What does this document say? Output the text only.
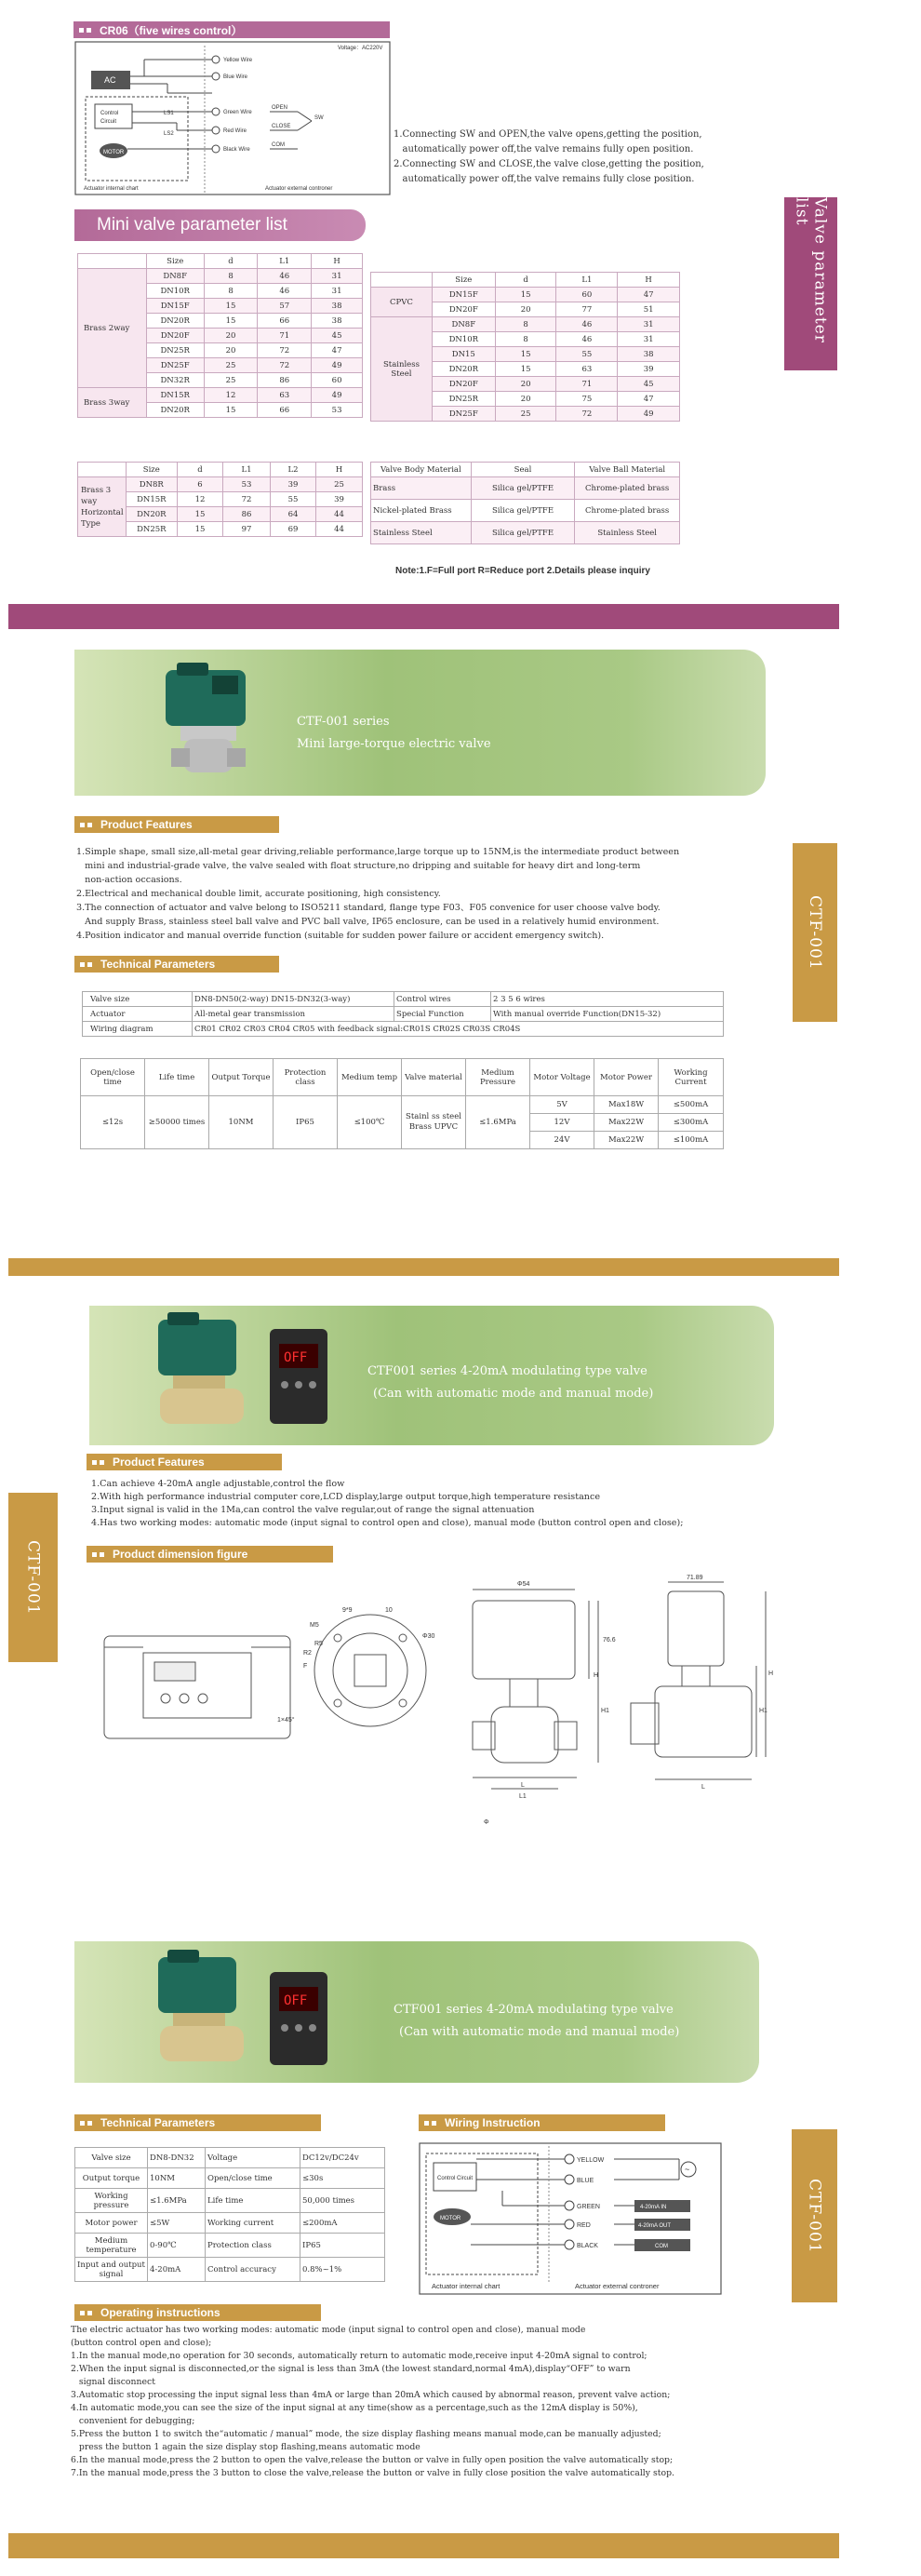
CR06（five wires control）
Voltage：AC220V
AC
Control
Circuit
MOTOR
LS1
LS2
Yellow Wire
Blue Wire
Green Wire
Red Wire
Black Wire
OPEN
CLOSE
COM
SW
Actuator internal chart	Actuator external controner

1.Connecting SW and OPEN,the valve opens,getting the position,

automatically power off,the valve remains fully open position.

2.Connecting SW and CLOSE,the valve close,getting the position,

automatically power off,the valve remains fully close position.

Mini valve parameter list	Valve parameter list
	Size	d	L1	H
Brass 2way	DN8F	8	46	31
	DN10R	8	46	31
	DN15F	15	57	38
	DN20R	15	66	38
	DN20F	20	71	45
	DN25R	20	72	47
	DN25F	25	72	49
	DN32R	25	86	60
Brass 3way	DN15R	12	63	49
	DN20R	15	66	53
	Size	d	L1	H
CPVC	DN15F	15	60	47
	DN20F	20	77	51
Stainless Steel	DN8F	8	46	31
	DN10R	8	46	31
	DN15	15	55	38
	DN20R	15	63	39
	DN20F	20	71	45
	DN25R	20	75	47
	DN25F	25	72	49
	Size	d	L1	L2	H
Brass 3 way Horizontal Type	DN8R	6	53	39	25
	DN15R	12	72	55	39
	DN20R	15	86	64	44
	DN25R	15	97	69	44
Valve Body Material	Seal	Valve Ball Material
Brass	Silica gel/PTFE	Chrome-plated brass
Nickel-plated Brass	Silica gel/PTFE	Chrome-plated brass
Stainless Steel	Silica gel/PTFE	Stainless Steel
Note:1.F=Full port R=Reduce port 2.Details please inquiry
CTF-001 series
Mini large-torque electric valve
CTF-001
Product Features

1.Simple shape, small size,all-metal gear driving,reliable performance,large torque up to 15NM,is the intermediate product between

mini and industrial-grade valve, the valve sealed with float structure,no dripping and suitable for heavy dirt and long-term

non-action occasions.

2.Electrical and mechanical double limit, accurate positioning, high consistency.

3.The connection of actuator and valve belong to ISO5211 standard, flange type F03、F05 convenice for user choose valve body.

And supply Brass, stainless steel ball valve and PVC ball valve, IP65 enclosure, can be used in a relatively humid environment.

4.Position indicator and manual override function (suitable for sudden power failure or accident emergency switch).

Technical Parameters
Valve size	DN8-DN50(2-way) DN15-DN32(3-way)	Control wires	2 3 5 6 wires
Actuator	All-metal gear transmission	Special Function	With manual override Function(DN15-32)
Wiring diagram	CR01 CR02 CR03 CR04 CR05 with feedback signal:CR01S CR02S CR03S CR04S		
Open/close time	Life time	Output Torque	Protection class	Medium temp	Valve material	Medium Pressure	Motor Voltage	Motor Power	Working Current
≤12s	≥50000 times	10NM	IP65	≤100℃	Stainl ss steel Brass UPVC	≤1.6MPa	5V	Max18W	≤500mA
							12V	Max22W	≤300mA
							24V	Max22W	≤100mA
OFF
CTF001 series 4-20mA modulating type valve
(Can with automatic mode and manual mode)
CTF-001
Product Features

1.Can achieve 4-20mA angle adjustable,control the flow

2.With high performance industrial computer core,LCD display,large output torque,high temperature resistance

3.Input signal is valid in the 1Ma,can control the valve regular,out of range the signal attenuation

4.Has two working modes: automatic mode (input signal to control open and close), manual mode (button control open and close);

Product dimension figure
9*9
M5
10
R5
R2
Φ30
F
1×45°
Φ54
76.6
Φ
L
L1
H1
H
71.89
L
H1
H
OFF
CTF001 series 4-20mA modulating type valve
(Can with automatic mode and manual mode)
CTF-001
Technical Parameters
Valve size	DN8-DN32	Voltage	DC12v/DC24v
Output torque	10NM	Open/close time	≤30s
Working pressure	≤1.6MPa	Life time	50,000 times
Motor power	≤5W	Working current	≤200mA
Medium temperature	0-90℃	Protection class	IP65
Input and output signal	4-20mA	Control accuracy	0.8%~1%
Wiring Instruction
Control Circuit
MOTOR
YELLOW
BLUE
GREEN
RED
BLACK
~
4-20mA IN
4-20mA OUT
COM
Actuator internal chart	Actuator external controner
Operating instructions

The electric actuator has two working modes: automatic mode (input signal to control open and close), manual mode

(button control open and close);

1.In the manual mode,no operation for 30 seconds, automatically return to automatic mode,receive input 4-20mA signal to control;

2.When the input signal is disconnected,or the signal is less than 3mA (the lowest standard,normal 4mA),display“OFF” to warn

signal disconnect

3.Automatic stop processing the input signal less than 4mA or large than 20mA which caused by abnormal reason, prevent valve action;

4.In automatic mode,you can see the size of the input signal at any time(show as a percentage,such as the 12mA display is 50%),

convenient for debugging;

5.Press the button 1 to switch the“automatic / manual” mode, the size display flashing means manual mode,can be manually adjusted;

press the button 1 again the size display stop flashing,means automatic mode

6.In the manual mode,press the 2 button to open the valve,release the button or valve in fully open position the valve automatically stop;

7.In the manual mode,press the 3 button to close the valve,release the button or valve in fully close position the valve automatically stop.
